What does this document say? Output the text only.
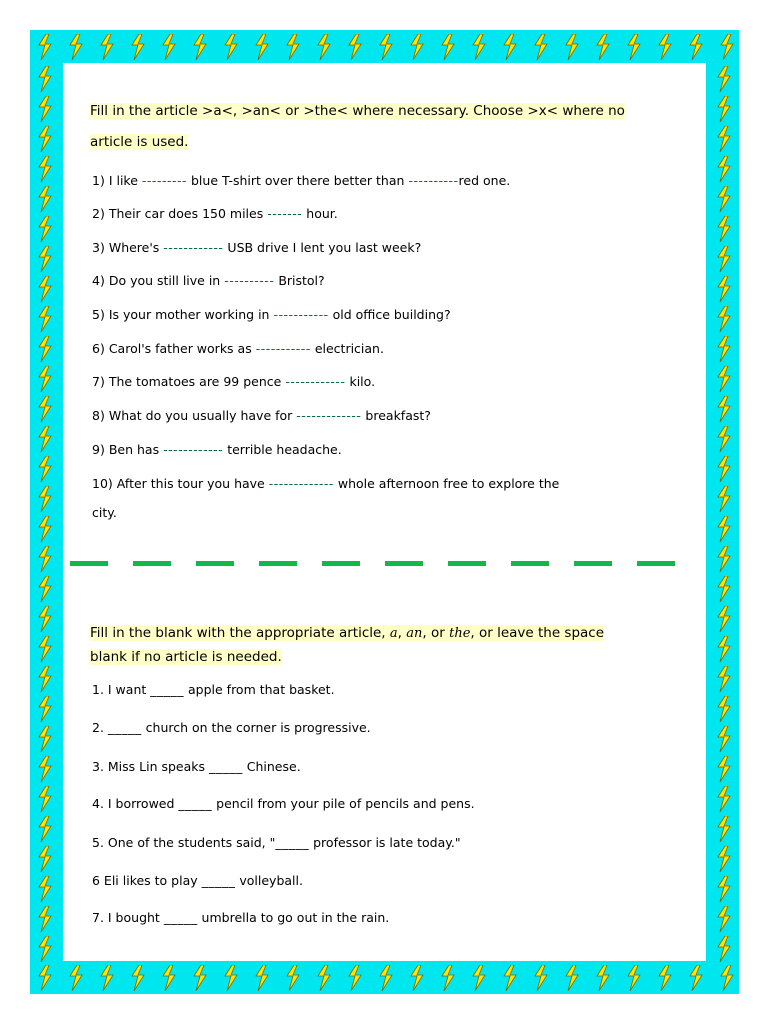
Fill in the article >a<, >an< or >the< where necessary. Choose >x< where no
article is used.
1) I like --------- blue T-shirt over there better than ----------red one.
2) Their car does 150 miles ------- hour.
3) Where's ------------ USB drive I lent you last week?
4) Do you still live in ---------- Bristol?
5) Is your mother working in ----------- old office building?
6) Carol's father works as ----------- electrician.
7) The tomatoes are 99 pence ------------ kilo.
8) What do you usually have for ------------- breakfast?
9) Ben has ------------ terrible headache.
10) After this tour you have ------------- whole afternoon free to explore the
city.
Fill in the blank with the appropriate article, a, an, or the, or leave the space
blank if no article is needed.
1. I want _____ apple from that basket.
2. _____ church on the corner is progressive.
3. Miss Lin speaks _____ Chinese.
4. I borrowed _____ pencil from your pile of pencils and pens.
5. One of the students said, "_____ professor is late today."
6 Eli likes to play _____ volleyball.
7. I bought _____ umbrella to go out in the rain.
